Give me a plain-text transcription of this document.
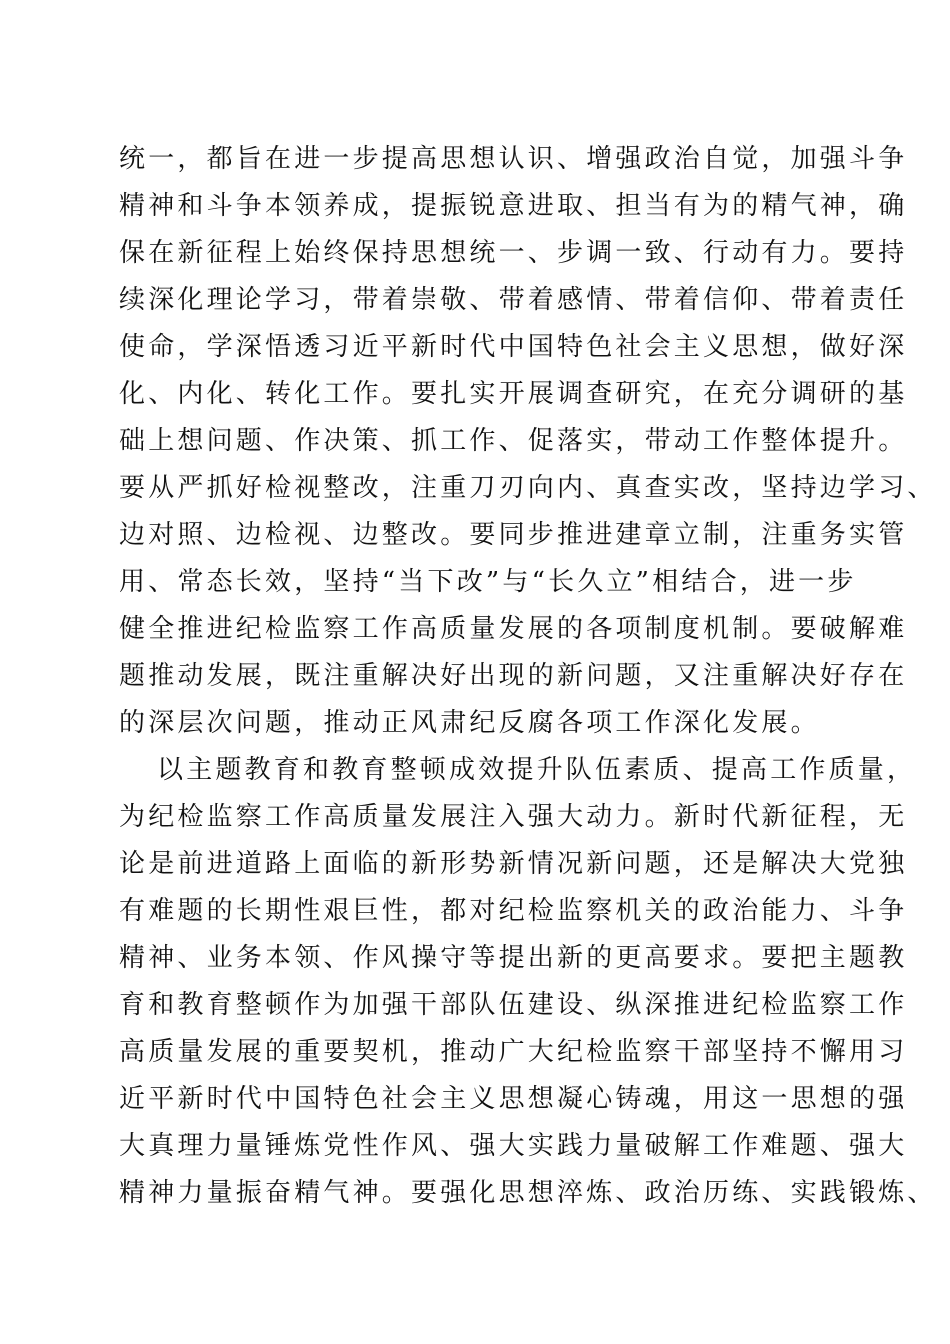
统一，都旨在进一步提高思想认识、增强政治自觉，加强斗争
精神和斗争本领养成，提振锐意进取、担当有为的精气神，确
保在新征程上始终保持思想统一、步调一致、行动有力。要持
续深化理论学习，带着崇敬、带着感情、带着信仰、带着责任
使命，学深悟透习近平新时代中国特色社会主义思想，做好深
化、内化、转化工作。要扎实开展调查研究，在充分调研的基
础上想问题、作决策、抓工作、促落实，带动工作整体提升。
要从严抓好检视整改，注重刀刃向内、真查实改，坚持边学习、
边对照、边检视、边整改。要同步推进建章立制，注重务实管
用、常态长效，坚持“当下改”与“长久立”相结合，进一步
健全推进纪检监察工作高质量发展的各项制度机制。要破解难
题推动发展，既注重解决好出现的新问题，又注重解决好存在
的深层次问题，推动正风肃纪反腐各项工作深化发展。
以主题教育和教育整顿成效提升队伍素质、提高工作质量，
为纪检监察工作高质量发展注入强大动力。新时代新征程，无
论是前进道路上面临的新形势新情况新问题，还是解决大党独
有难题的长期性艰巨性，都对纪检监察机关的政治能力、斗争
精神、业务本领、作风操守等提出新的更高要求。要把主题教
育和教育整顿作为加强干部队伍建设、纵深推进纪检监察工作
高质量发展的重要契机，推动广大纪检监察干部坚持不懈用习
近平新时代中国特色社会主义思想凝心铸魂，用这一思想的强
大真理力量锤炼党性作风、强大实践力量破解工作难题、强大
精神力量振奋精气神。要强化思想淬炼、政治历练、实践锻炼、
